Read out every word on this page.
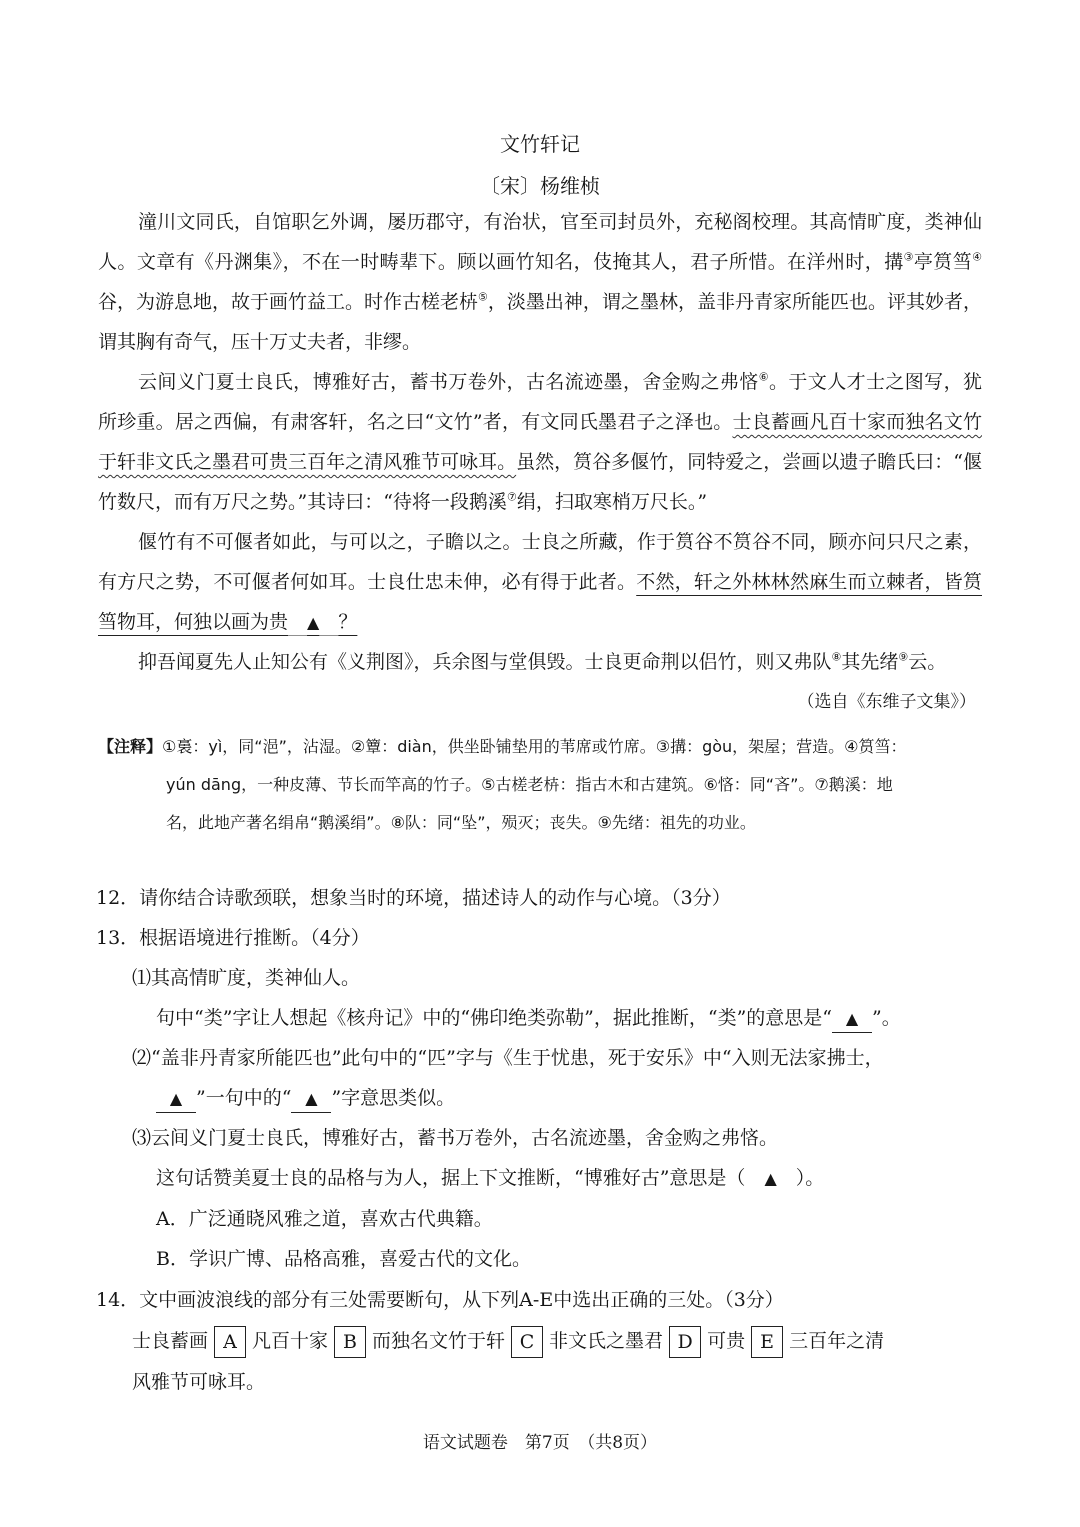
文竹轩记
〔宋〕杨维桢

潼川文同氏，自馆职乞外调，屡历郡守，有治状，官至司封员外，充秘阁校理。其高情旷度，类神仙人。文章有《丹渊集》，不在一时畴辈下。顾以画竹知名，伎掩其人，君子所惜。在洋州时，搆③亭筼筜④谷，为游息地，故于画竹益工。时作古槎老枿⑤，淡墨出神，谓之墨林，盖非丹青家所能匹也。评其妙者，谓其胸有奇气，压十万丈夫者，非缪。

云间义门夏士良氏，博雅好古，蓄书万卷外，古名流迹墨，舍金购之弗悋⑥。于文人才士之图写，犹所珍重。居之西偏，有肃客轩，名之曰“文竹”者，有文同氏墨君子之泽也。士良蓄画凡百十家而独名文竹于轩非文氏之墨君可贵三百年之清风雅节可咏耳。虽然，筼谷多偃竹，同特爱之，尝画以遗子瞻氏曰：“偃竹数尺，而有万尺之势。”其诗曰：“待将一段鹅溪⑦绢，扫取寒梢万尺长。”

偃竹有不可偃者如此，与可以之，子瞻以之。士良之所藏，作于筼谷不筼谷不同，顾亦问只尺之素，有方尺之势，不可偃者何如耳。士良仕忠未伸，必有得于此者。不然，轩之外林林然麻生而立棘者，皆筼筜物耳，何独以画为贵　 ▲　 ？

抑吾闻夏先人止知公有《义荆图》，兵余图与堂俱毁。士良更命荆以侣竹，则又弗队⑧其先绪⑨云。

（选自《东维子文集》）

【注释】①裛：yì，同“浥”，沾湿。②簟：diàn，供坐卧铺垫用的苇席或竹席。③搆：gòu，架屋；营造。④筼筜：

yún dāng，一种皮薄、节长而竿高的竹子。⑤古槎老枿：指古木和古建筑。⑥悋：同“吝”。⑦鹅溪：地

名，此地产著名绢帛“鹅溪绢”。⑧队：同“坠”，殒灭；丧失。⑨先绪：祖先的功业。

12．请你结合诗歌颈联，想象当时的环境，描述诗人的动作与心境。（3分）

13．根据语境进行推断。（4分）

⑴其高情旷度，类神仙人。

句中“类”字让人想起《核舟记》中的“佛印绝类弥勒”，据此推断，“类”的意思是“ ▲ ”。

⑵“盖非丹青家所能匹也”此句中的“匹”字与《生于忧患，死于安乐》中“入则无法家拂士，

▲ ”一句中的“ ▲ ”字意思类似。

⑶云间义门夏士良氏，博雅好古，蓄书万卷外，古名流迹墨，舍金购之弗悋。

这句话赞美夏士良的品格与为人，据上下文推断，“博雅好古”意思是（　 ▲　 ）。

A．广泛通晓风雅之道，喜欢古代典籍。

B．学识广博、品格高雅，喜爱古代的文化。

14．文中画波浪线的部分有三处需要断句，从下列A-E中选出正确的三处。（3分）

士良蓄画 A 凡百十家 B 而独名文竹于轩 C 非文氏之墨君 D 可贵 E 三百年之清

风雅节可咏耳。

语文试题卷　第7页　（共8页）
